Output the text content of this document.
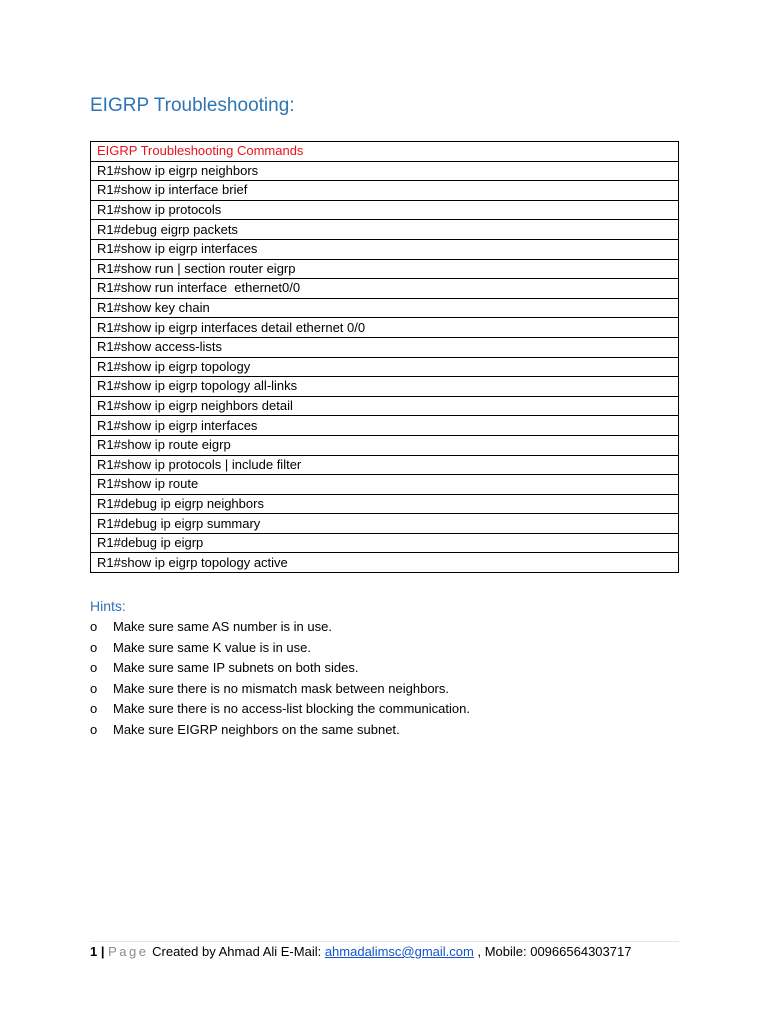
EIGRP Troubleshooting:
EIGRP Troubleshooting Commands
R1#show ip eigrp neighbors
R1#show ip interface brief
R1#show ip protocols
R1#debug eigrp packets
R1#show ip eigrp interfaces
R1#show run | section router eigrp
R1#show run interface  ethernet0/0
R1#show key chain
R1#show ip eigrp interfaces detail ethernet 0/0
R1#show access-lists
R1#show ip eigrp topology
R1#show ip eigrp topology all-links
R1#show ip eigrp neighbors detail
R1#show ip eigrp interfaces
R1#show ip route eigrp
R1#show ip protocols | include filter
R1#show ip route
R1#debug ip eigrp neighbors
R1#debug ip eigrp summary
R1#debug ip eigrp
R1#show ip eigrp topology active
Hints:
o Make sure same AS number is in use.
o Make sure same K value is in use.
o Make sure same IP subnets on both sides.
o Make sure there is no mismatch mask between neighbors.
o Make sure there is no access-list blocking the communication.
o Make sure EIGRP neighbors on the same subnet.
1 | Page Created by Ahmad Ali E-Mail: ahmadalimsc@gmail.com , Mobile: 00966564303717
